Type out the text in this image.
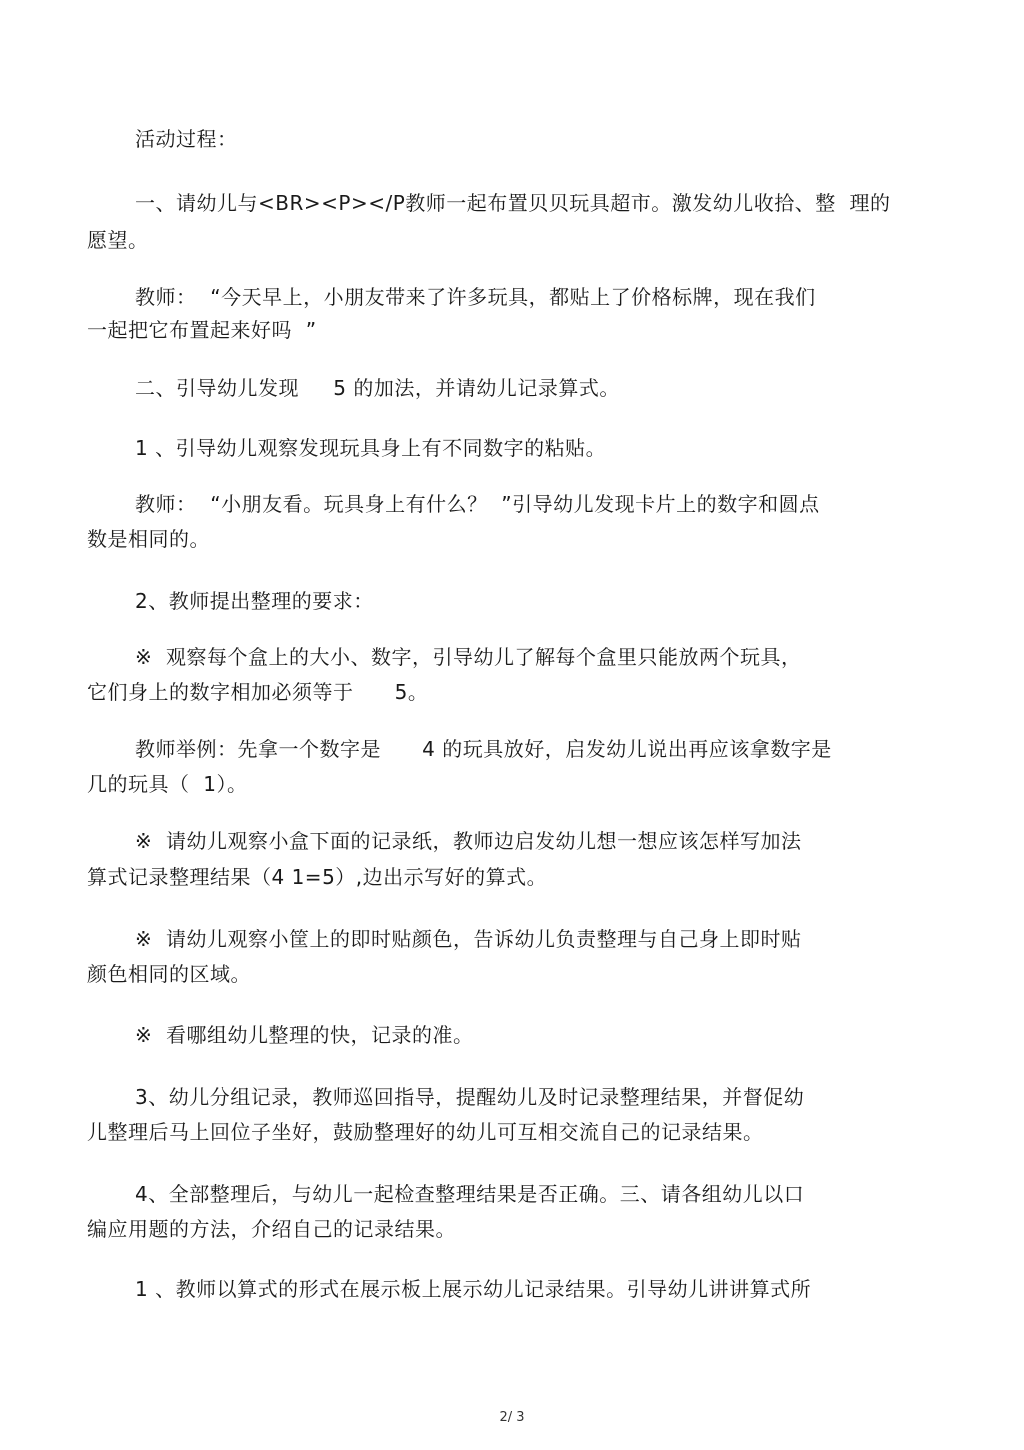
活动过程：
一、请幼儿与<BR><P></P教师一起布置贝贝玩具超市。激发幼儿收拾、整  理的
愿望。
教师：  “今天早上，小朋友带来了许多玩具，都贴上了价格标牌，现在我们
一起把它布置起来好吗  ”
二、引导幼儿发现     5 的加法，并请幼儿记录算式。
1 、引导幼儿观察发现玩具身上有不同数字的粘贴。
教师：  “小朋友看。玩具身上有什么？  ”引导幼儿发现卡片上的数字和圆点
数是相同的。
2、教师提出整理的要求：
※  观察每个盒上的大小、数字，引导幼儿了解每个盒里只能放两个玩具，
它们身上的数字相加必须等于      5。
教师举例：先拿一个数字是      4 的玩具放好，启发幼儿说出再应该拿数字是
几的玩具（  1）。
※  请幼儿观察小盒下面的记录纸，教师边启发幼儿想一想应该怎样写加法
算式记录整理结果（4 1=5）,边出示写好的算式。
※  请幼儿观察小筐上的即时贴颜色，告诉幼儿负责整理与自己身上即时贴
颜色相同的区域。
※  看哪组幼儿整理的快，记录的准。
3、幼儿分组记录，教师巡回指导，提醒幼儿及时记录整理结果，并督促幼
儿整理后马上回位子坐好，鼓励整理好的幼儿可互相交流自己的记录结果。
4、全部整理后，与幼儿一起检查整理结果是否正确。三、请各组幼儿以口
编应用题的方法，介绍自己的记录结果。
1 、教师以算式的形式在展示板上展示幼儿记录结果。引导幼儿讲讲算式所
2/ 3
